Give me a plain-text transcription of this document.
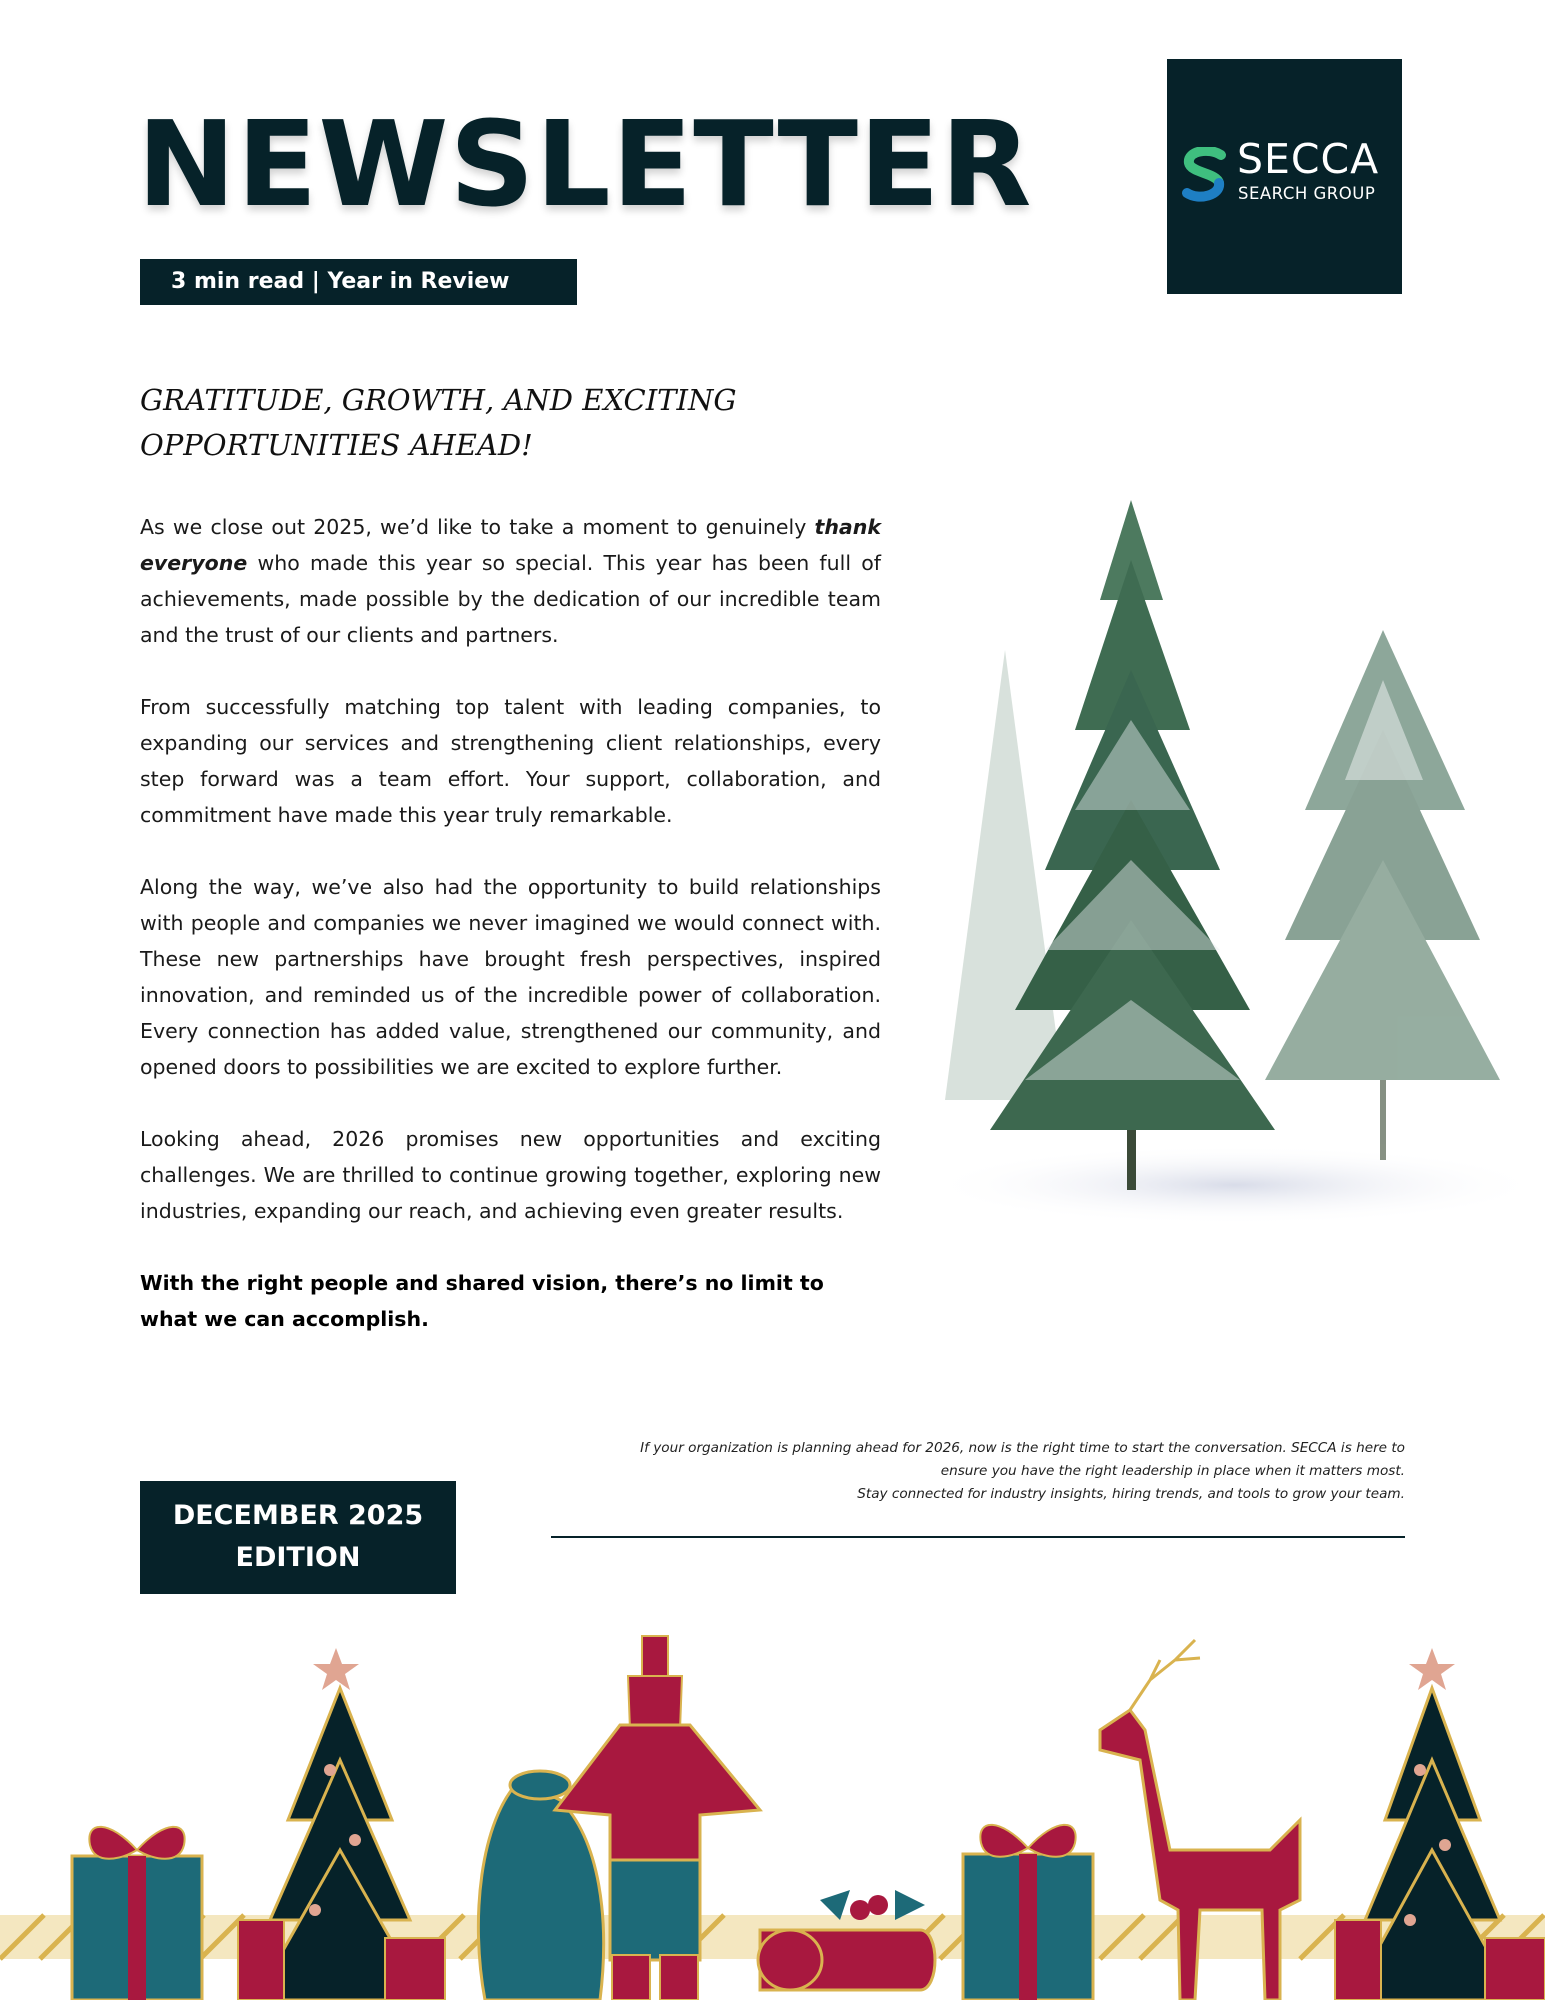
NEWSLETTER
3 min read | Year in Review
SECCA
SEARCH GROUP
GRATITUDE, GROWTH, AND EXCITING
OPPORTUNITIES AHEAD!

As we close out 2025, we’d like to take a moment to genuinely thank everyone who made this year so special. This year has been full of achievements, made possible by the dedication of our incredible team and the trust of our clients and partners.

From successfully matching top talent with leading companies, to expanding our services and strengthening client relationships, every step forward was a team effort. Your support, collaboration, and commitment have made this year truly remarkable.

Along the way, we’ve also had the opportunity to build relationships with people and companies we never imagined we would connect with. These new partnerships have brought fresh perspectives, inspired innovation, and reminded us of the incredible power of collaboration. Every connection has added value, strengthened our community, and opened doors to possibilities we are excited to explore further.

Looking ahead, 2026 promises new opportunities and exciting challenges. We are thrilled to continue growing together, exploring new industries, expanding our reach, and achieving even greater results.

With the right people and shared vision, there’s no limit to what we can accomplish.

If your organization is planning ahead for 2026, now is the right time to start the conversation. SECCA is here to
ensure you have the right leadership in place when it matters most.
Stay connected for industry insights, hiring trends, and tools to grow your team.
DECEMBER 2025
EDITION
